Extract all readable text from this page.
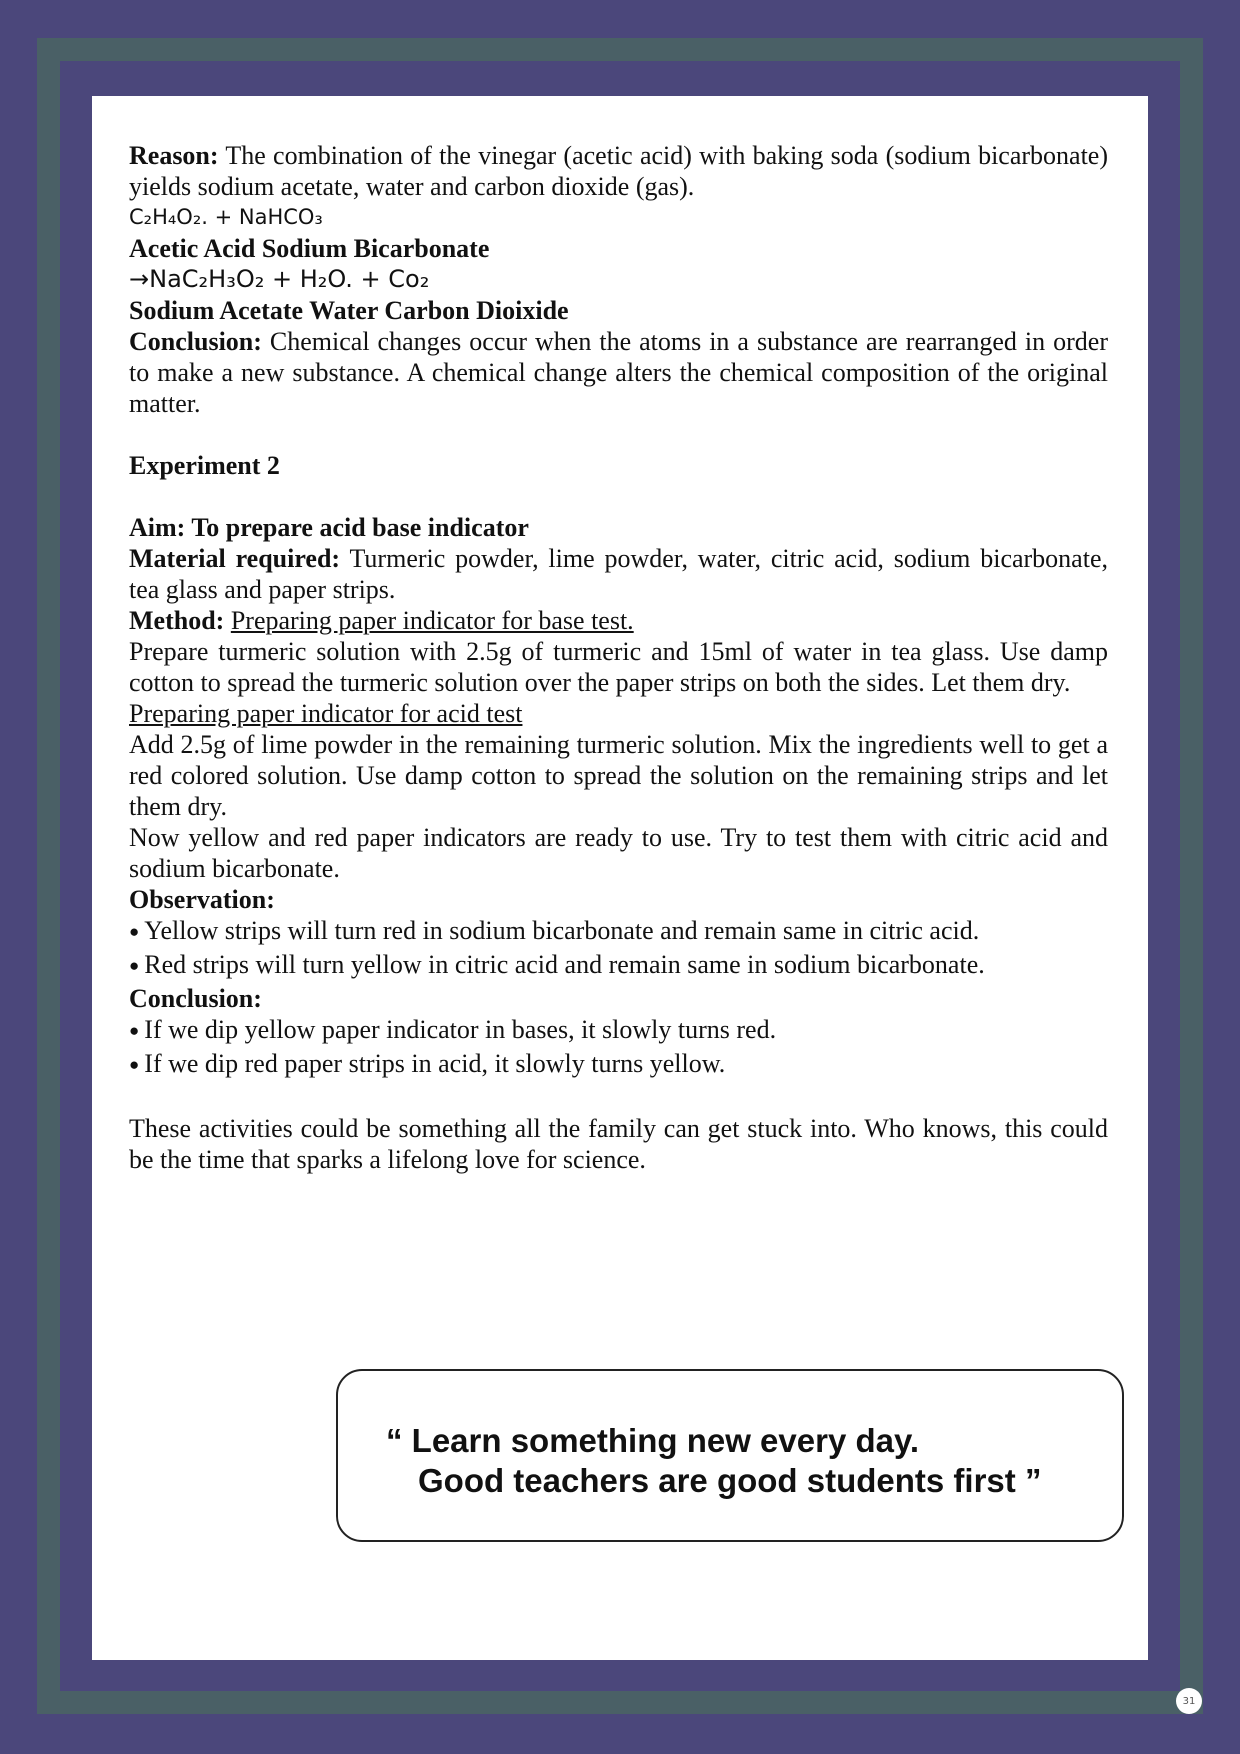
Reason: The combination of the vinegar (acetic acid) with baking soda (sodium bicarbonate) yields sodium acetate, water and carbon dioxide (gas).

C₂H₄O₂. + NaHCO₃

Acetic Acid Sodium Bicarbonate

→NaC₂H₃O₂ + H₂O. + Co₂

Sodium Acetate Water Carbon Dioixide

Conclusion: Chemical changes occur when the atoms in a substance are rearranged in order to make a new substance. A chemical change alters the chemical composition of the original matter.

Experiment 2

Aim: To prepare acid base indicator

Material required: Turmeric powder, lime powder, water, citric acid, sodium bicarbonate, tea glass and paper strips.

Method: Preparing paper indicator for base test.

Prepare turmeric solution with 2.5g of turmeric and 15ml of water in tea glass. Use damp cotton to spread the turmeric solution over the paper strips on both the sides. Let them dry.

Preparing paper indicator for acid test

Add 2.5g of lime powder in the remaining turmeric solution. Mix the ingredients well to get a red colored solution. Use damp cotton to spread the solution on the remaining strips and let them dry.

Now yellow and red paper indicators are ready to use. Try to test them with citric acid and sodium bicarbonate.

Observation:

● Yellow strips will turn red in sodium bicarbonate and remain same in citric acid.

● Red strips will turn yellow in citric acid and remain same in sodium bicarbonate.

Conclusion:

● If we dip yellow paper indicator in bases, it slowly turns red.

● If we dip red paper strips in acid, it slowly turns yellow.

These activities could be something all the family can get stuck into. Who knows, this could be the time that sparks a lifelong love for science.

“ Learn something new every day.
Good teachers are good students first ”
31
